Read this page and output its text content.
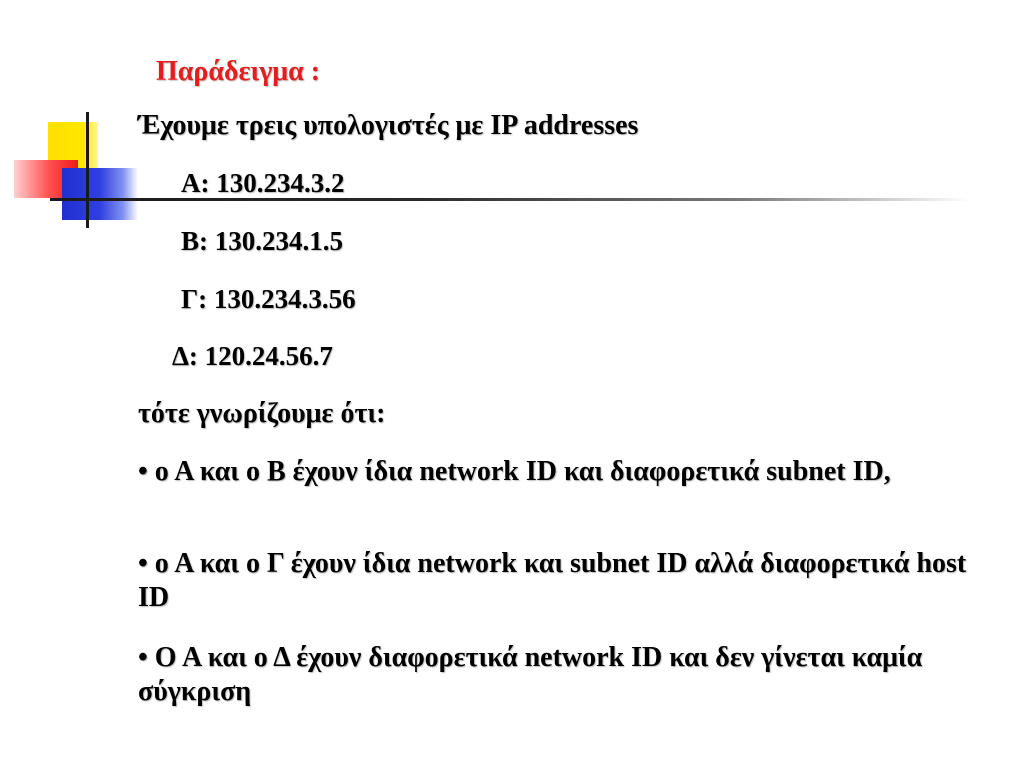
Παράδειγμα :
Έχουμε τρεις υπολογιστές με IP addresses
A: 130.234.3.2
B: 130.234.1.5
Γ: 130.234.3.56
Δ: 120.24.56.7
τότε γνωρίζουμε ότι:
• ο Α και ο Β έχουν ίδια network ID και διαφορετικά subnet ID,
• ο Α και ο Γ έχουν ίδια network και subnet ID αλλά διαφορετικά host ID
• Ο Α και ο Δ έχουν διαφορετικά network ID και δεν γίνεται καμία σύγκριση
